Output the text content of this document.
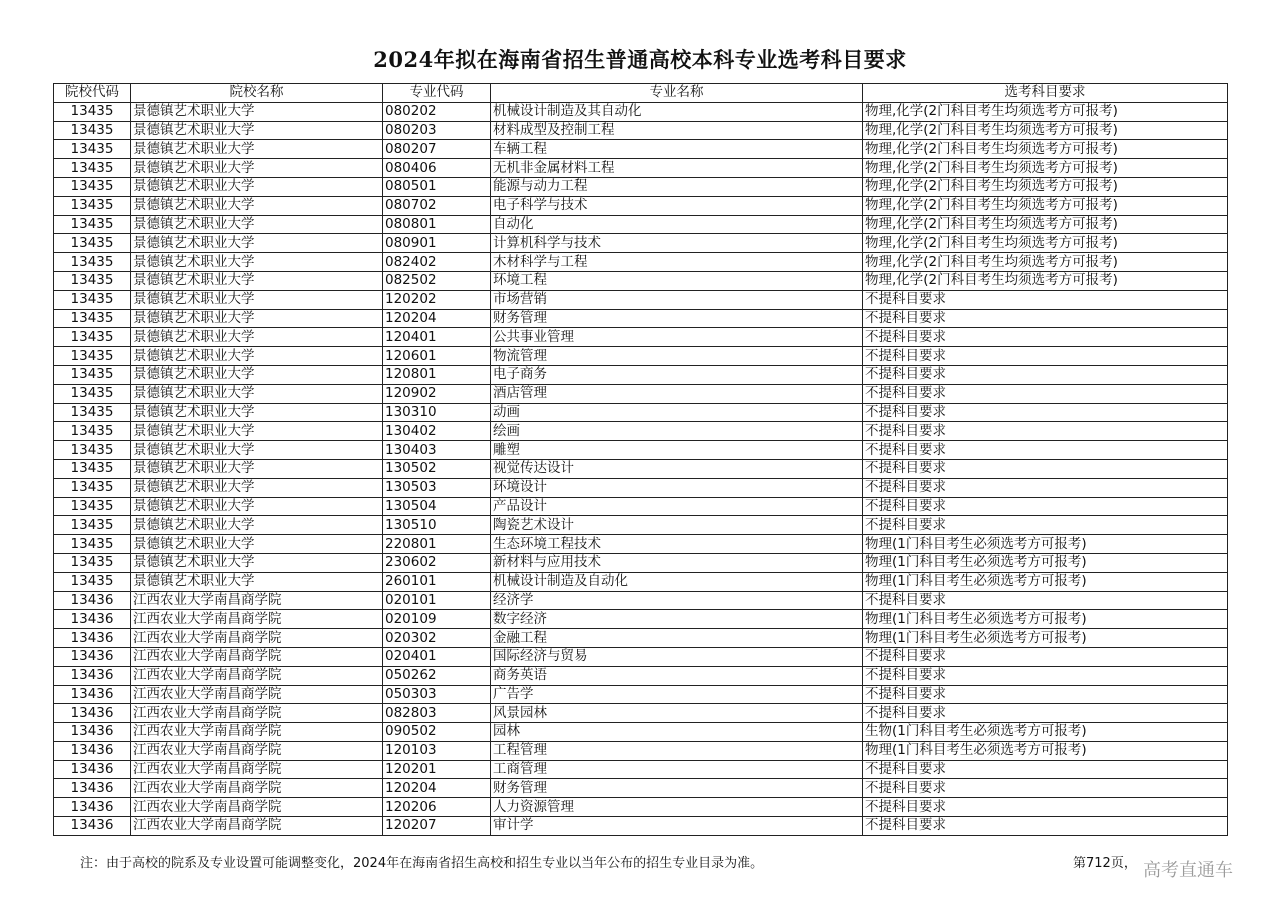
2024年拟在海南省招生普通高校本科专业选考科目要求
院校代码	院校名称	专业代码	专业名称	选考科目要求
13435	景德镇艺术职业大学	080202	机械设计制造及其自动化	物理,化学(2门科目考生均须选考方可报考)
13435	景德镇艺术职业大学	080203	材料成型及控制工程	物理,化学(2门科目考生均须选考方可报考)
13435	景德镇艺术职业大学	080207	车辆工程	物理,化学(2门科目考生均须选考方可报考)
13435	景德镇艺术职业大学	080406	无机非金属材料工程	物理,化学(2门科目考生均须选考方可报考)
13435	景德镇艺术职业大学	080501	能源与动力工程	物理,化学(2门科目考生均须选考方可报考)
13435	景德镇艺术职业大学	080702	电子科学与技术	物理,化学(2门科目考生均须选考方可报考)
13435	景德镇艺术职业大学	080801	自动化	物理,化学(2门科目考生均须选考方可报考)
13435	景德镇艺术职业大学	080901	计算机科学与技术	物理,化学(2门科目考生均须选考方可报考)
13435	景德镇艺术职业大学	082402	木材科学与工程	物理,化学(2门科目考生均须选考方可报考)
13435	景德镇艺术职业大学	082502	环境工程	物理,化学(2门科目考生均须选考方可报考)
13435	景德镇艺术职业大学	120202	市场营销	不提科目要求
13435	景德镇艺术职业大学	120204	财务管理	不提科目要求
13435	景德镇艺术职业大学	120401	公共事业管理	不提科目要求
13435	景德镇艺术职业大学	120601	物流管理	不提科目要求
13435	景德镇艺术职业大学	120801	电子商务	不提科目要求
13435	景德镇艺术职业大学	120902	酒店管理	不提科目要求
13435	景德镇艺术职业大学	130310	动画	不提科目要求
13435	景德镇艺术职业大学	130402	绘画	不提科目要求
13435	景德镇艺术职业大学	130403	雕塑	不提科目要求
13435	景德镇艺术职业大学	130502	视觉传达设计	不提科目要求
13435	景德镇艺术职业大学	130503	环境设计	不提科目要求
13435	景德镇艺术职业大学	130504	产品设计	不提科目要求
13435	景德镇艺术职业大学	130510	陶瓷艺术设计	不提科目要求
13435	景德镇艺术职业大学	220801	生态环境工程技术	物理(1门科目考生必须选考方可报考)
13435	景德镇艺术职业大学	230602	新材料与应用技术	物理(1门科目考生必须选考方可报考)
13435	景德镇艺术职业大学	260101	机械设计制造及自动化	物理(1门科目考生必须选考方可报考)
13436	江西农业大学南昌商学院	020101	经济学	不提科目要求
13436	江西农业大学南昌商学院	020109	数字经济	物理(1门科目考生必须选考方可报考)
13436	江西农业大学南昌商学院	020302	金融工程	物理(1门科目考生必须选考方可报考)
13436	江西农业大学南昌商学院	020401	国际经济与贸易	不提科目要求
13436	江西农业大学南昌商学院	050262	商务英语	不提科目要求
13436	江西农业大学南昌商学院	050303	广告学	不提科目要求
13436	江西农业大学南昌商学院	082803	风景园林	不提科目要求
13436	江西农业大学南昌商学院	090502	园林	生物(1门科目考生必须选考方可报考)
13436	江西农业大学南昌商学院	120103	工程管理	物理(1门科目考生必须选考方可报考)
13436	江西农业大学南昌商学院	120201	工商管理	不提科目要求
13436	江西农业大学南昌商学院	120204	财务管理	不提科目要求
13436	江西农业大学南昌商学院	120206	人力资源管理	不提科目要求
13436	江西农业大学南昌商学院	120207	审计学	不提科目要求
注：由于高校的院系及专业设置可能调整变化，2024年在海南省招生高校和招生专业以当年公布的招生专业目录为准。	第712页， 高考直通车
